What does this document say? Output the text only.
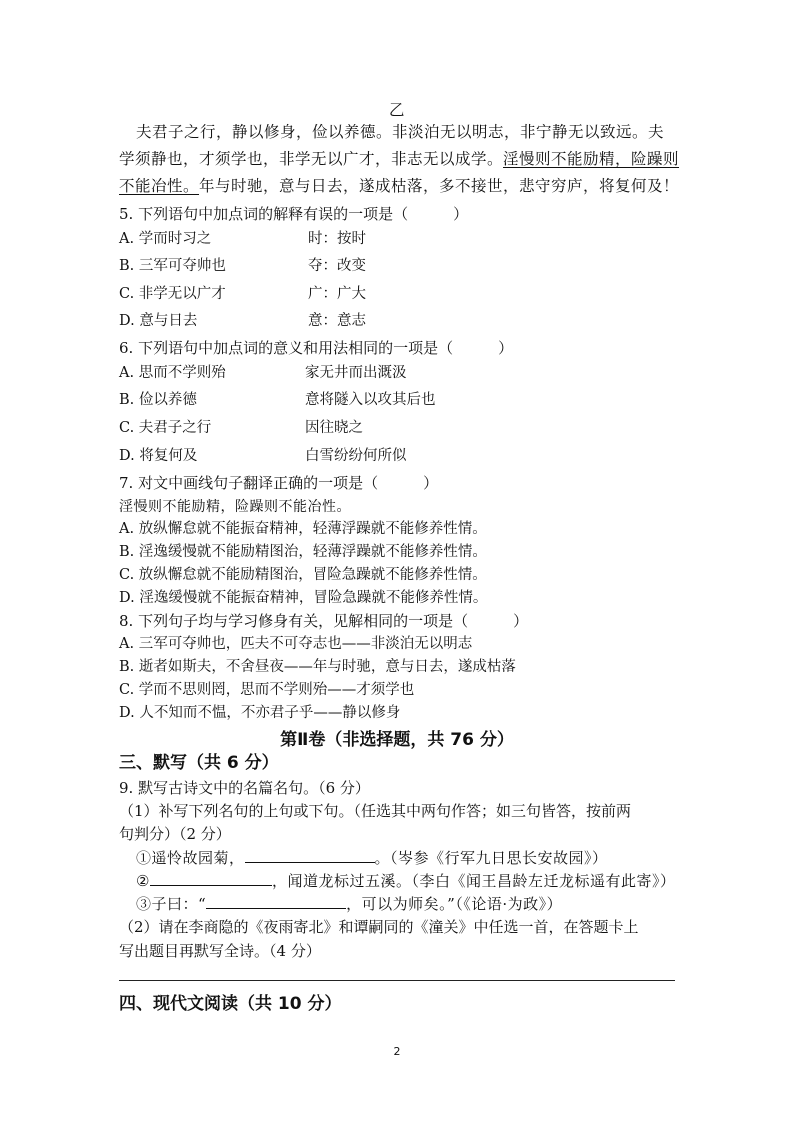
乙
夫君子之行，静以修身，俭以养德。非淡泊无以明志，非宁静无以致远。夫
学须静也，才须学也，非学无以广才，非志无以成学。淫慢则不能励精，险躁则
不能冶性。年与时驰，意与日去，遂成枯落，多不接世，悲守穷庐，将复何及！
5. 下列语句中加点词的解释有误的一项是（　　　）
A. 学而时习之	时：按时
B. 三军可夺帅也	夺：改变
C. 非学无以广才	广：广大
D. 意与日去	意：意志
6. 下列语句中加点词的意义和用法相同的一项是（　　　）
A. 思而不学则殆	家无井而出溉汲
B. 俭以养德	意将隧入以攻其后也
C. 夫君子之行	因往晓之
D. 将复何及	白雪纷纷何所似
7. 对文中画线句子翻译正确的一项是（　　　）
淫慢则不能励精，险躁则不能冶性。
A. 放纵懈怠就不能振奋精神，轻薄浮躁就不能修养性情。
B. 淫逸缓慢就不能励精图治，轻薄浮躁就不能修养性情。
C. 放纵懈怠就不能励精图治，冒险急躁就不能修养性情。
D. 淫逸缓慢就不能振奋精神，冒险急躁就不能修养性情。
8. 下列句子均与学习修身有关，见解相同的一项是（　　　）
A. 三军可夺帅也，匹夫不可夺志也——非淡泊无以明志
B. 逝者如斯夫，不舍昼夜——年与时驰，意与日去，遂成枯落
C. 学而不思则罔，思而不学则殆——才须学也
D. 人不知而不愠，不亦君子乎——静以修身
第Ⅱ卷（非选择题，共 76 分）
三、默写（共 6 分）
9. 默写古诗文中的名篇名句。（6 分）
（1）补写下列名句的上句或下句。（任选其中两句作答；如三句皆答，按前两
句判分）（2 分）
①遥怜故园菊，	。（岑参《行军九日思长安故园》）
②	，闻道龙标过五溪。（李白《闻王昌龄左迁龙标遥有此寄》）
③子曰：“	，可以为师矣。”（《论语·为政》）
（2）请在李商隐的《夜雨寄北》和谭嗣同的《潼关》中任选一首，在答题卡上
写出题目再默写全诗。（4 分）
四、现代文阅读（共 10 分）
2
